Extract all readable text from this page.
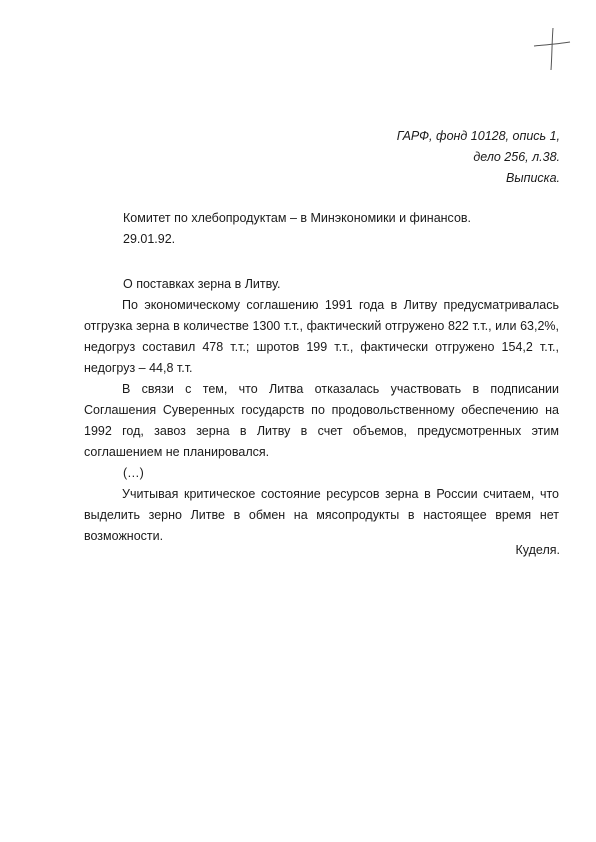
ГАРФ, фонд 10128, опись 1,
дело 256, л.38.
Выписка.
Комитет по хлебопродуктам – в Минэкономики и финансов.
29.01.92.

О поставках зерна в Литву.

По экономическому соглашению 1991 года в Литву предусматривалась отгрузка зерна в количестве 1300 т.т., фактический отгружено 822 т.т., или 63,2%, недогруз составил 478 т.т.; шротов 199 т.т., фактически отгружено 154,2 т.т., недогруз – 44,8 т.т.

В связи с тем, что Литва отказалась участвовать в подписании Соглашения Суверенных государств по продовольственному обеспечению на 1992 год, завоз зерна в Литву в счет объемов, предусмотренных этим соглашением не планировался.

(…)

Учитывая критическое состояние ресурсов зерна в России считаем, что выделить зерно Литве в обмен на мясопродукты в настоящее время нет возможности.

Куделя.
